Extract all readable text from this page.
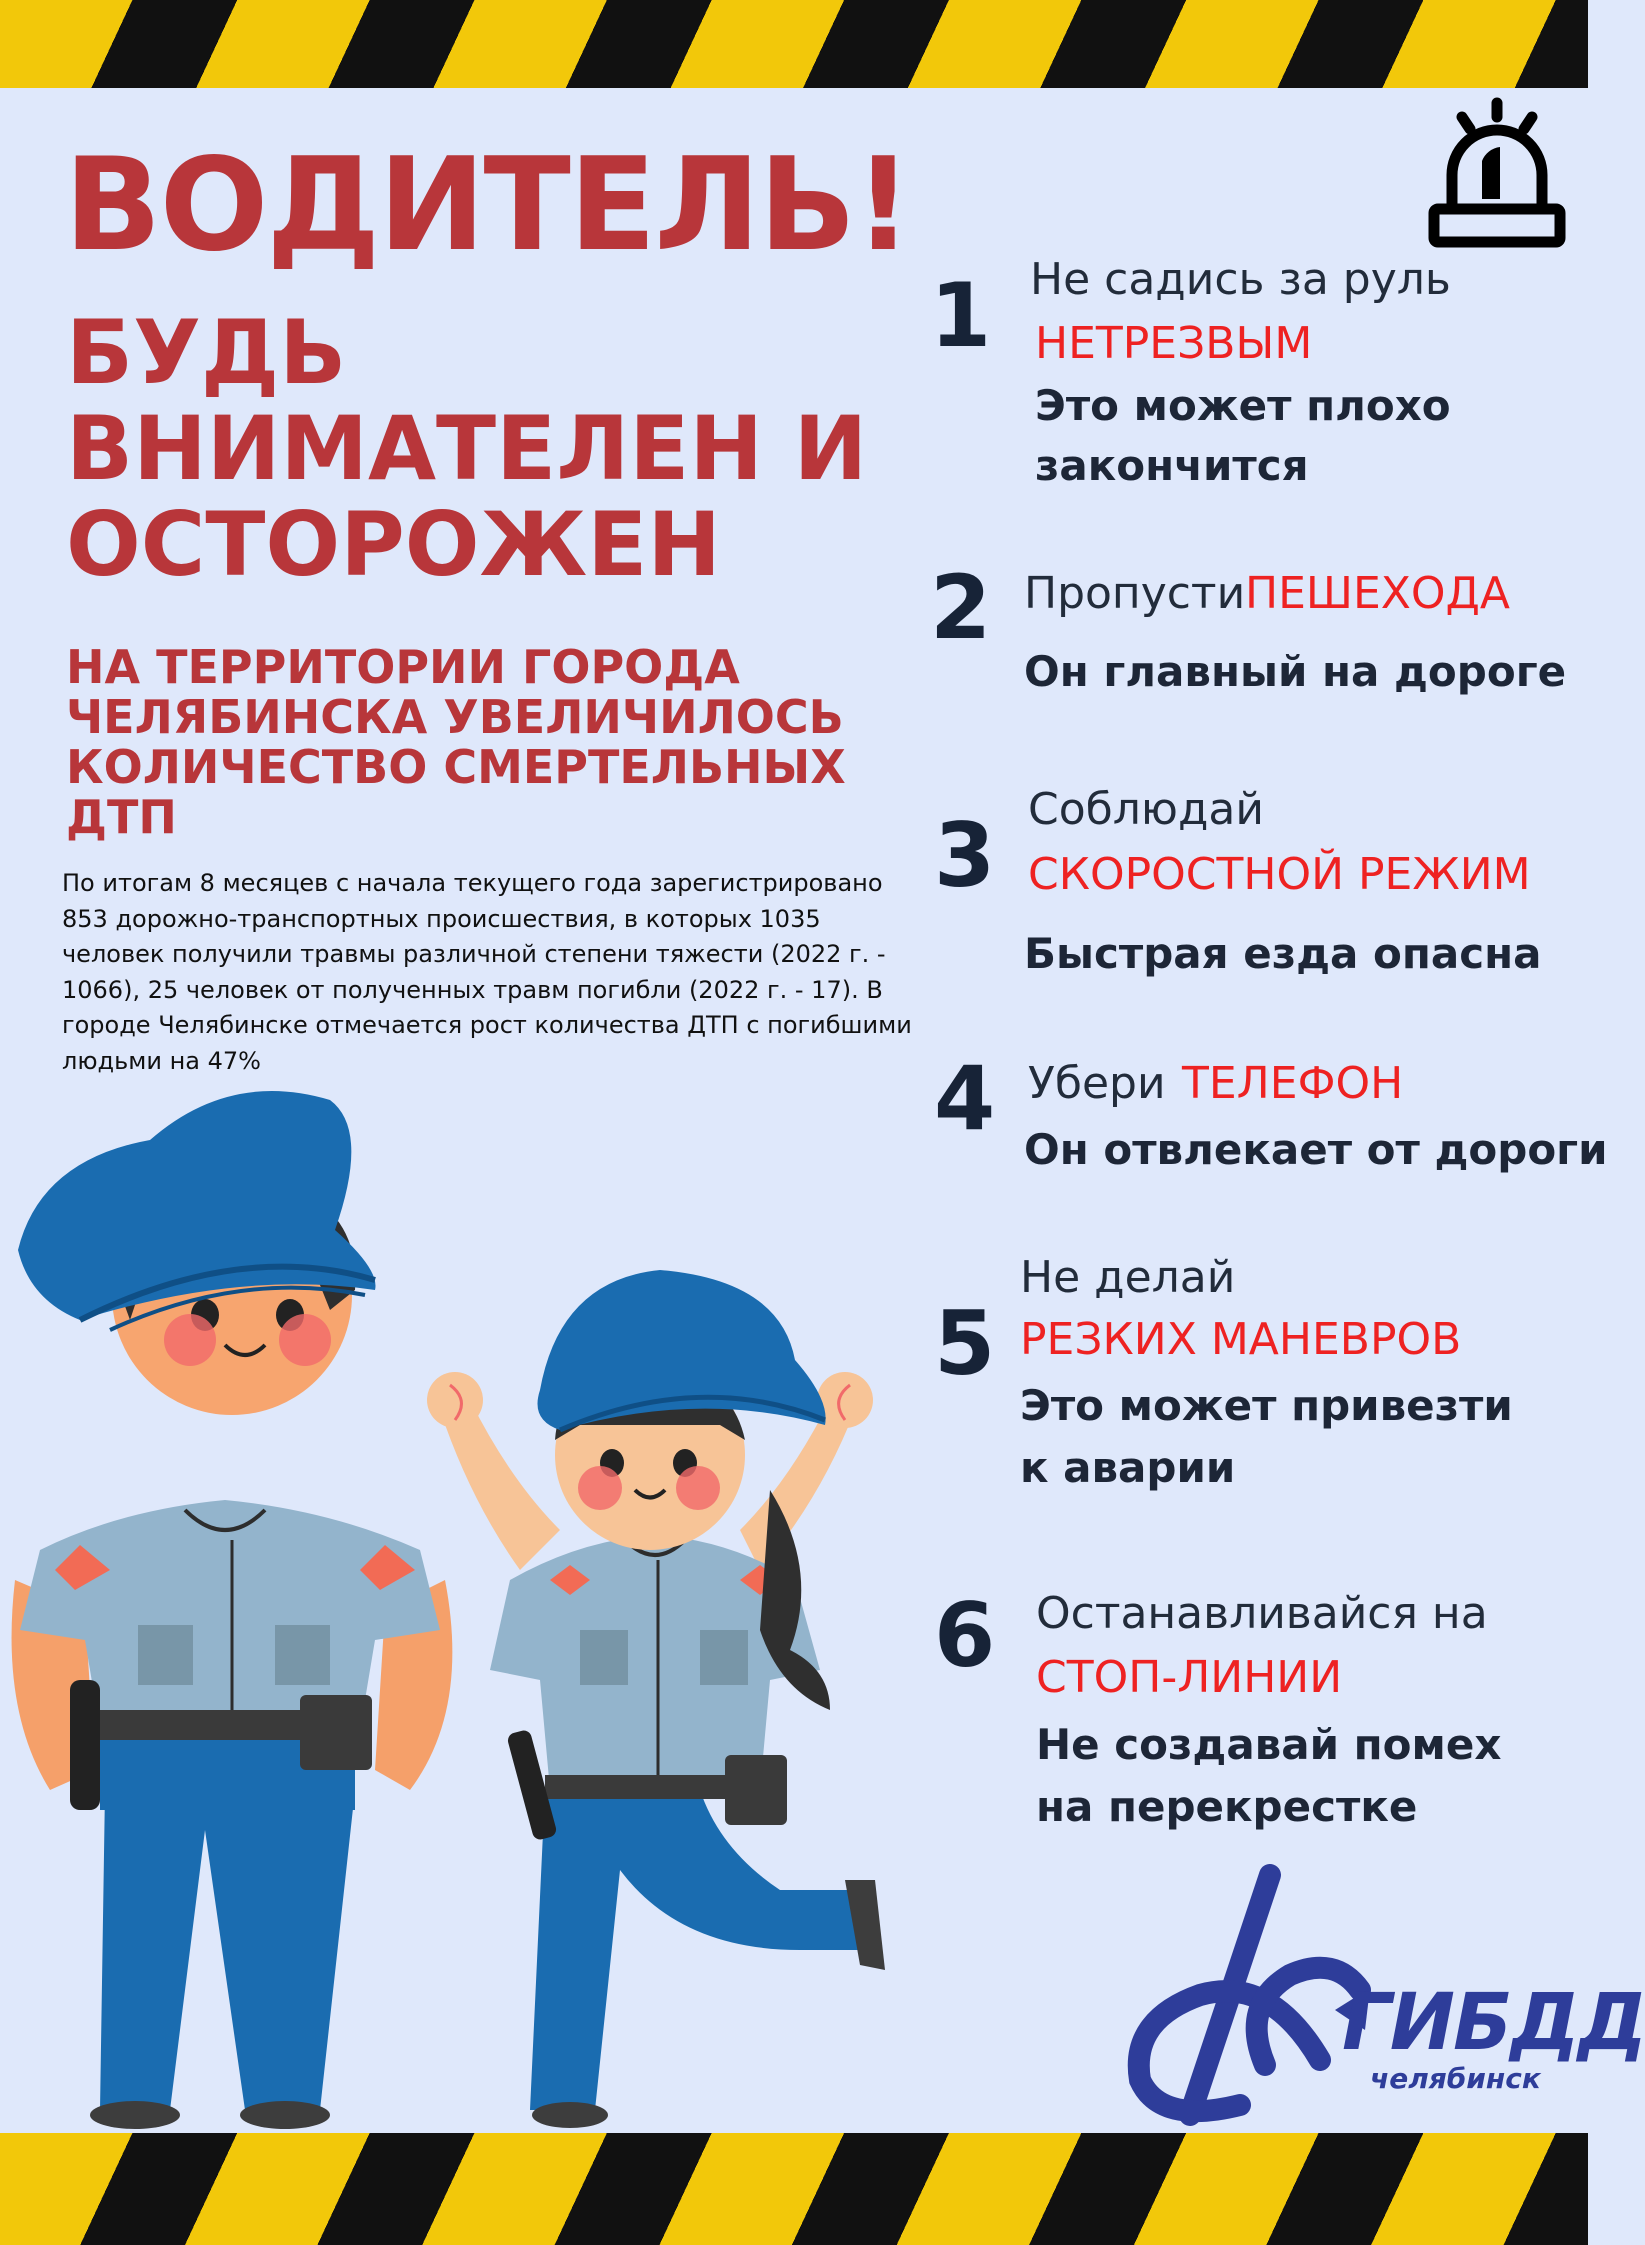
ВОДИТЕЛЬ!
БУДЬ
ВНИМАТЕЛЕН И
ОСТОРОЖЕН
НА ТЕРРИТОРИИ ГОРОДА
ЧЕЛЯБИНСКА УВЕЛИЧИЛОСЬ
КОЛИЧЕСТВО СМЕРТЕЛЬНЫХ
ДТП
По итогам 8 месяцев с начала текущего года зарегистрировано
853 дорожно-транспортных происшествия, в которых 1035
человек получили травмы различной степени тяжести (2022 г. -
1066), 25 человек от полученных травм погибли (2022 г. - 17). В
городе Челябинске отмечается рост количества ДТП с погибшими
людьми на 47%
1 Не садись за руль
НЕТРЕЗВЫМ
Это может плохо
закончится
2 Пропусти ПЕШЕХОДА
Он главный на дороге
3 Соблюдай
СКОРОСТНОЙ РЕЖИМ
Быстрая езда опасна
4 Убери ТЕЛЕФОН
Он отвлекает от дороги
5
Не делай
РЕЗКИХ МАНЕВРОВ
Это может привезти
к аварии
6 Останавливайся на
СТОП-ЛИНИИ
Не создавай помех
на перекрестке
ГИБДД
челябинск
